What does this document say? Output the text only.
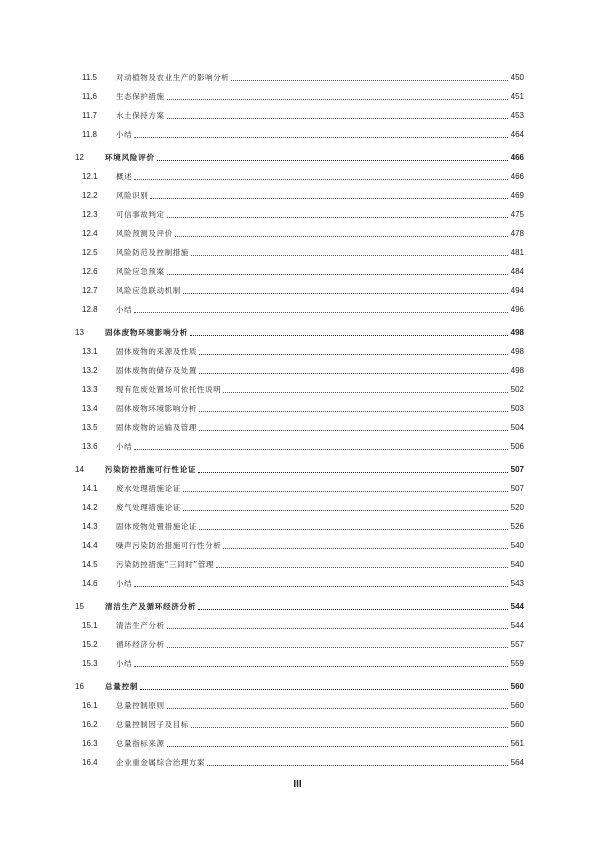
11.5	对动植物及农业生产的影响分析	450
11.6	生态保护措施	451
11.7	水土保持方案	453
11.8	小结	464
12	环境风险评价	466
12.1 概述	466
12.2 风险识别	469
12.3 可信事故判定	475
12.4 风险预测及评价	478
12.5 风险防范及控制措施	481
12.6 风险应急预案	484
12.7 风险应急联动机制	494
12.8 小结	496
13	固体废物环境影响分析	498
13.1 固体废物的来源及性质	498
13.2 固体废物的储存及处置	498
13.3 现有危废处置场可依托性说明	502
13.4 固体废物环境影响分析	503
13.5 固体废物的运输及管理	504
13.6 小结	506
14	污染防控措施可行性论证	507
14.1 废水处理措施论证	507
14.2 废气处理措施论证	520
14.3 固体废物处置措施论证	526
14.4 噪声污染防治措施可行性分析	540
14.5 污染防控措施“三同时”管理	540
14.6 小结	543
15	清洁生产及循环经济分析	544
15.1 清洁生产分析	544
15.2 循环经济分析	557
15.3 小结	559
16	总量控制	560
16.1 总量控制原则	560
16.2 总量控制因子及目标	560
16.3 总量指标来源	561
16.4 企业重金属综合治理方案	564
III
